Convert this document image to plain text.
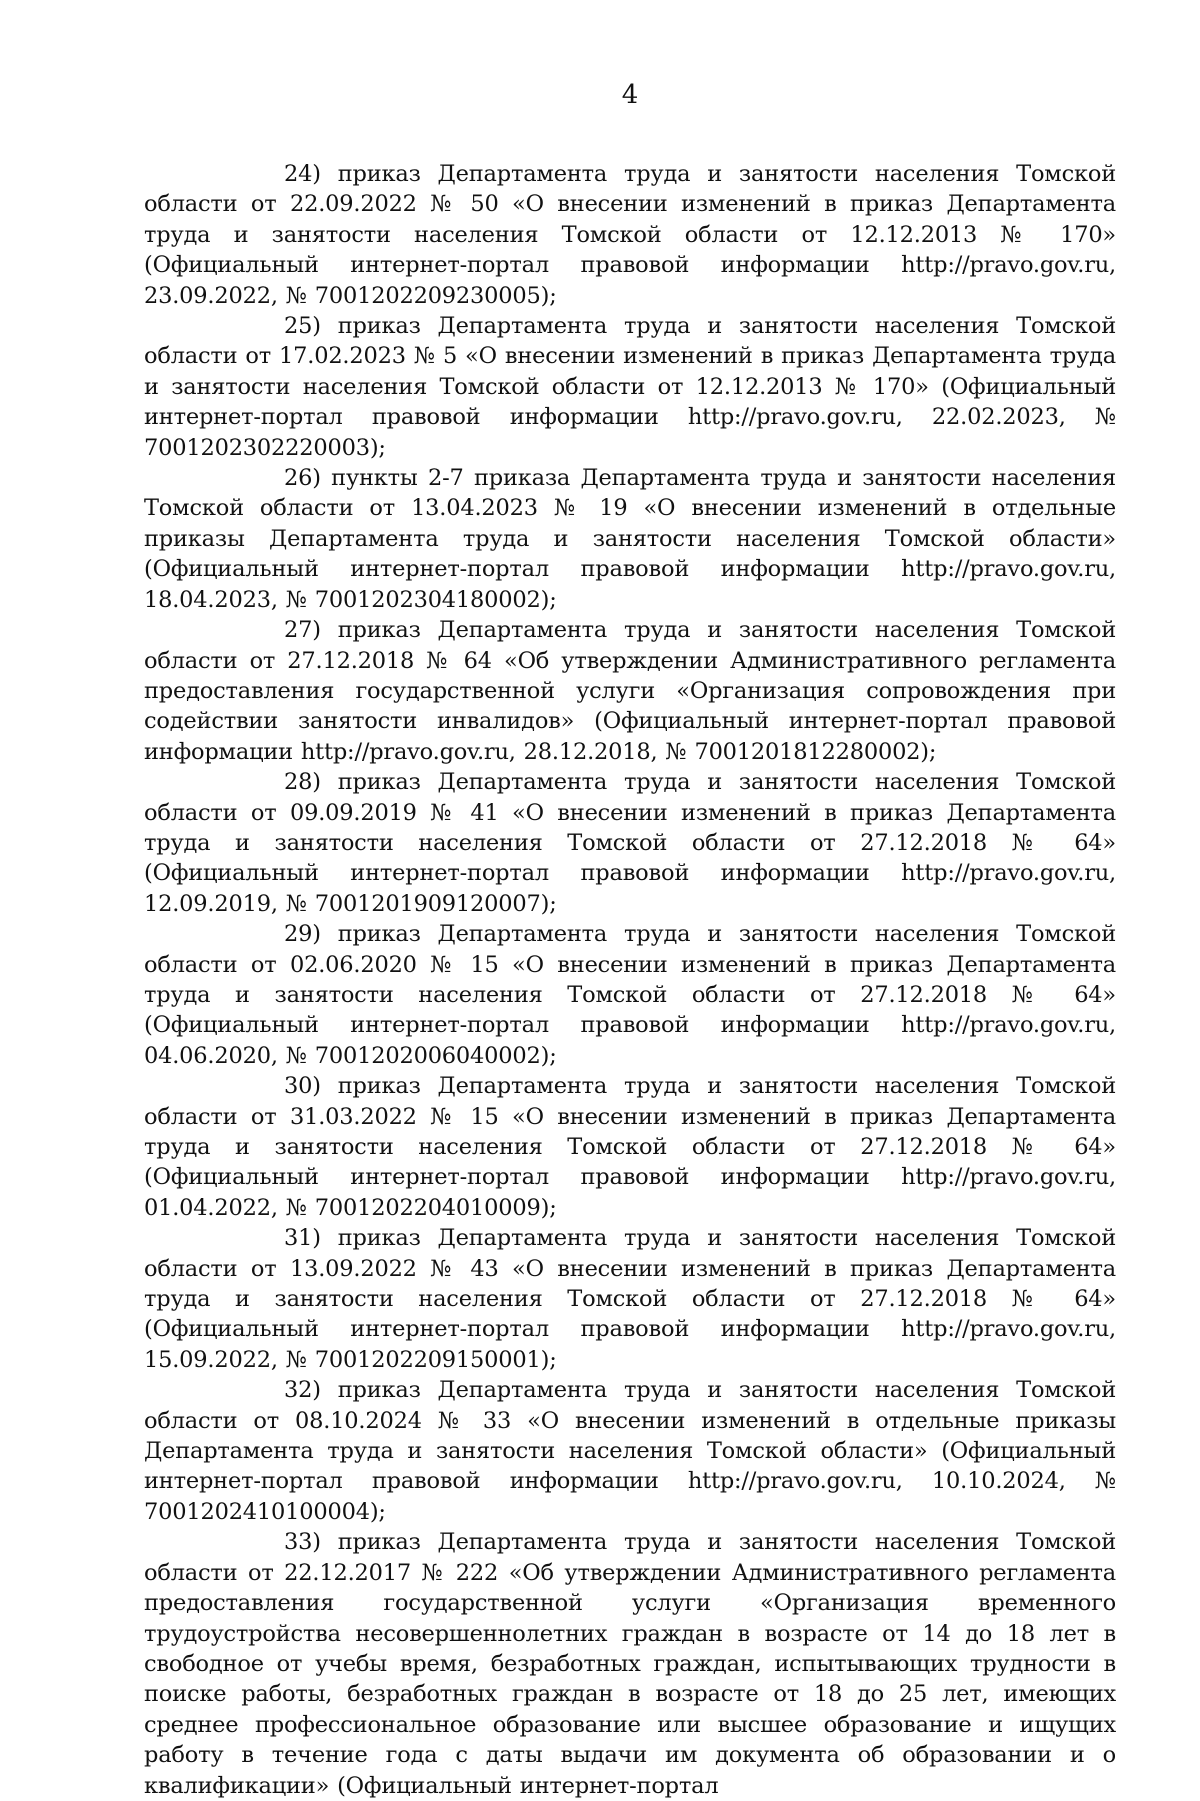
4

24) приказ Департамента труда и занятости населения Томской области от 22.09.2022 № 50 «О внесении изменений в приказ Департамента труда и занятости населения Томской области от 12.12.2013 № 170» (Официальный интернет-портал правовой информации http://pravo.gov.ru, 23.09.2022, № 7001202209230005);

25) приказ Департамента труда и занятости населения Томской области от 17.02.2023 № 5 «О внесении изменений в приказ Департамента труда и занятости населения Томской области от 12.12.2013 № 170» (Официальный интернет-портал правовой информации http://pravo.gov.ru, 22.02.2023, № 7001202302220003);

26) пункты 2-7 приказа Департамента труда и занятости населения Томской области от 13.04.2023 № 19 «О внесении изменений в отдельные приказы Департамента труда и занятости населения Томской области» (Официальный интернет-портал правовой информации http://pravo.gov.ru, 18.04.2023, № 7001202304180002);

27) приказ Департамента труда и занятости населения Томской области от 27.12.2018 № 64 «Об утверждении Административного регламента предоставления государственной услуги «Организация сопровождения при содействии занятости инвалидов» (Официальный интернет-портал правовой информации http://pravo.gov.ru, 28.12.2018, № 7001201812280002);

28) приказ Департамента труда и занятости населения Томской области от 09.09.2019 № 41 «О внесении изменений в приказ Департамента труда и занятости населения Томской области от 27.12.2018 № 64» (Официальный интернет-портал правовой информации http://pravo.gov.ru, 12.09.2019, № 7001201909120007);

29) приказ Департамента труда и занятости населения Томской области от 02.06.2020 № 15 «О внесении изменений в приказ Департамента труда и занятости населения Томской области от 27.12.2018 № 64» (Официальный интернет-портал правовой информации http://pravo.gov.ru, 04.06.2020, № 7001202006040002);

30) приказ Департамента труда и занятости населения Томской области от 31.03.2022 № 15 «О внесении изменений в приказ Департамента труда и занятости населения Томской области от 27.12.2018 № 64» (Официальный интернет-портал правовой информации http://pravo.gov.ru, 01.04.2022, № 7001202204010009);

31) приказ Департамента труда и занятости населения Томской области от 13.09.2022 № 43 «О внесении изменений в приказ Департамента труда и занятости населения Томской области от 27.12.2018 № 64» (Официальный интернет-портал правовой информации http://pravo.gov.ru, 15.09.2022, № 7001202209150001);

32) приказ Департамента труда и занятости населения Томской области от 08.10.2024 № 33 «О внесении изменений в отдельные приказы Департамента труда и занятости населения Томской области» (Официальный интернет-портал правовой информации http://pravo.gov.ru, 10.10.2024, № 7001202410100004);

33) приказ Департамента труда и занятости населения Томской области от 22.12.2017 № 222 «Об утверждении Административного регламента предоставления государственной услуги «Организация временного трудоустройства несовершеннолетних граждан в возрасте от 14 до 18 лет в свободное от учебы время, безработных граждан, испытывающих трудности в поиске работы, безработных граждан в возрасте от 18 до 25 лет, имеющих среднее профессиональное образование или высшее образование и ищущих работу в течение года с даты выдачи им документа об образовании и о квалификации» (Официальный интернет-портал
